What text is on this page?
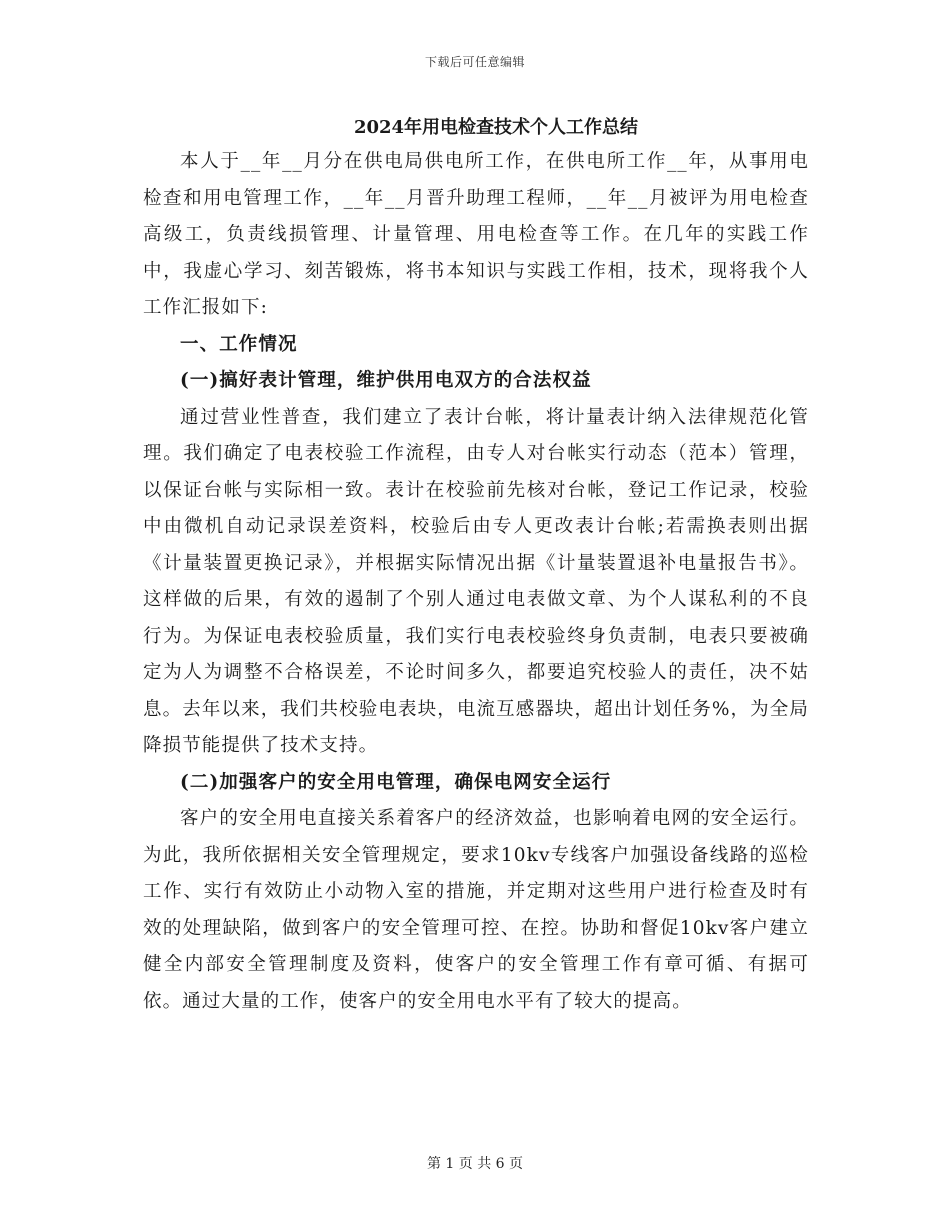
下载后可任意编辑
2024年用电检查技术个人工作总结

本人于__年__月分在供电局供电所工作，在供电所工作__年，从事用电检查和用电管理工作，__年__月晋升助理工程师，__年__月被评为用电检查高级工，负责线损管理、计量管理、用电检查等工作。在几年的实践工作中，我虚心学习、刻苦锻炼，将书本知识与实践工作相，技术，现将我个人工作汇报如下:

一、工作情况

(一)搞好表计管理，维护供用电双方的合法权益

通过营业性普查，我们建立了表计台帐，将计量表计纳入法律规范化管理。我们确定了电表校验工作流程，由专人对台帐实行动态（范本）管理，以保证台帐与实际相一致。表计在校验前先核对台帐，登记工作记录，校验中由微机自动记录误差资料，校验后由专人更改表计台帐;若需换表则出据《计量装置更换记录》，并根据实际情况出据《计量装置退补电量报告书》。这样做的后果，有效的遏制了个别人通过电表做文章、为个人谋私利的不良行为。为保证电表校验质量，我们实行电表校验终身负责制，电表只要被确定为人为调整不合格误差，不论时间多久，都要追究校验人的责任，决不姑息。去年以来，我们共校验电表块，电流互感器块，超出计划任务%，为全局降损节能提供了技术支持。

(二)加强客户的安全用电管理，确保电网安全运行

客户的安全用电直接关系着客户的经济效益，也影响着电网的安全运行。为此，我所依据相关安全管理规定，要求10kv专线客户加强设备线路的巡检工作、实行有效防止小动物入室的措施，并定期对这些用户进行检查及时有效的处理缺陷，做到客户的安全管理可控、在控。协助和督促10kv客户建立健全内部安全管理制度及资料，使客户的安全管理工作有章可循、有据可依。通过大量的工作，使客户的安全用电水平有了较大的提高。

第 1 页 共 6 页
